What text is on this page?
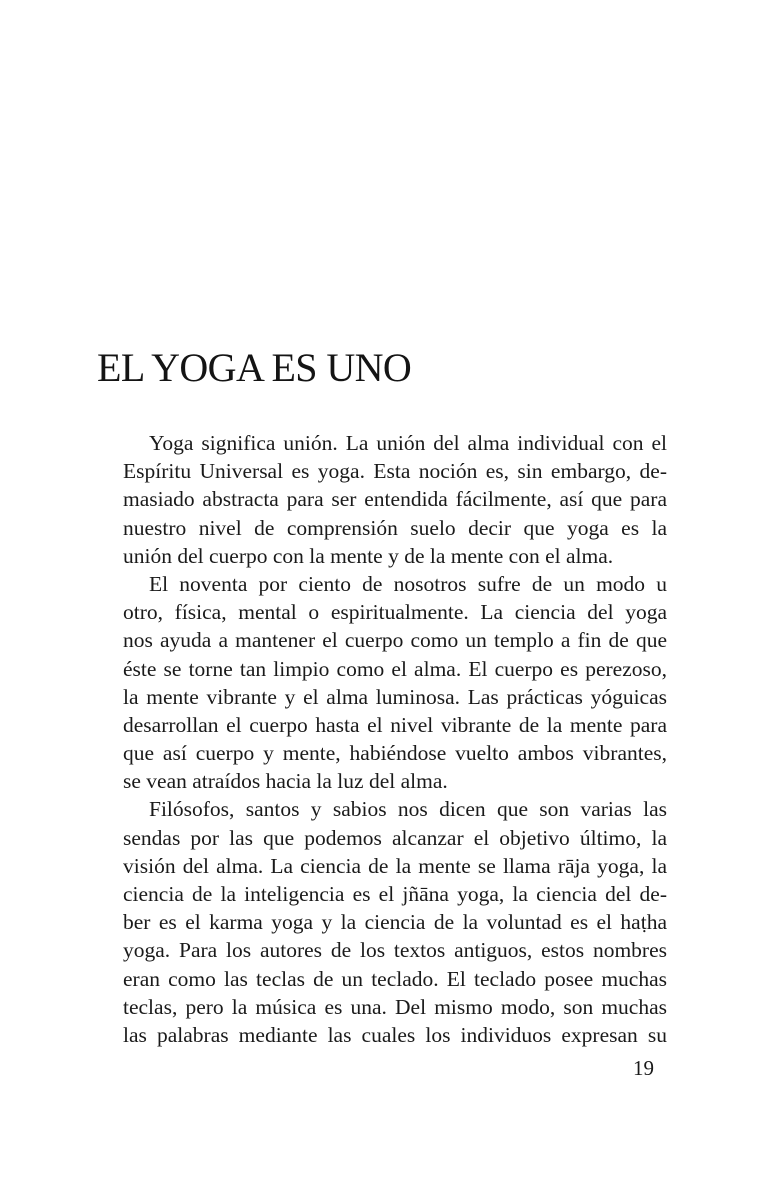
EL YOGA ES UNO

Yoga significa unión. La unión del alma individual con el
Espíritu Universal es yoga. Esta noción es, sin embargo, de-
masiado abstracta para ser entendida fácilmente, así que para
nuestro nivel de comprensión suelo decir que yoga es la
unión del cuerpo con la mente y de la mente con el alma.

El noventa por ciento de nosotros sufre de un modo u
otro, física, mental o espiritualmente. La ciencia del yoga
nos ayuda a mantener el cuerpo como un templo a fin de que
éste se torne tan limpio como el alma. El cuerpo es perezoso,
la mente vibrante y el alma luminosa. Las prácticas yóguicas
desarrollan el cuerpo hasta el nivel vibrante de la mente para
que así cuerpo y mente, habiéndose vuelto ambos vibrantes,
se vean atraídos hacia la luz del alma.

Filósofos, santos y sabios nos dicen que son varias las
sendas por las que podemos alcanzar el objetivo último, la
visión del alma. La ciencia de la mente se llama rāja yoga, la
ciencia de la inteligencia es el jñāna yoga, la ciencia del de-
ber es el karma yoga y la ciencia de la voluntad es el haṭha
yoga. Para los autores de los textos antiguos, estos nombres
eran como las teclas de un teclado. El teclado posee muchas
teclas, pero la música es una. Del mismo modo, son muchas
las palabras mediante las cuales los individuos expresan su

19
